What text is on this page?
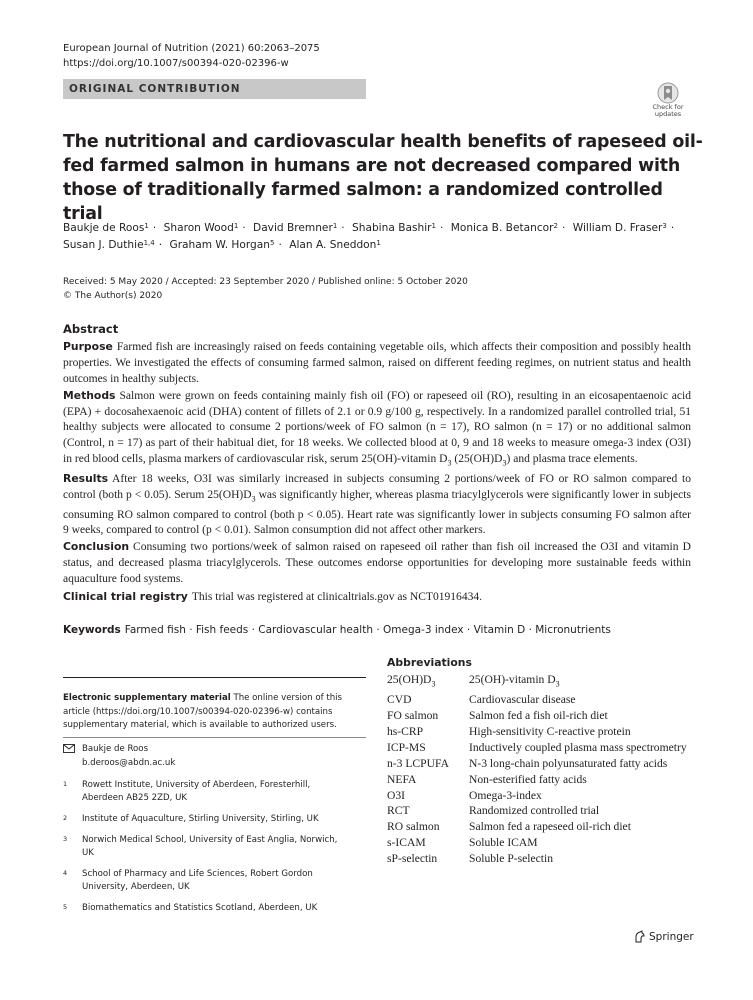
European Journal of Nutrition (2021) 60:2063–2075
https://doi.org/10.1007/s00394-020-02396-w
ORIGINAL CONTRIBUTION
Check for
updates
The nutritional and cardiovascular health benefits of rapeseed oil-fed farmed salmon in humans are not decreased compared with those of traditionally farmed salmon: a randomized controlled trial
Baukje de Roos$^1$ · Sharon Wood$^1$ · David Bremner$^1$ · Shabina Bashir$^1$ · Monica B. Betancor$^2$ · William D. Fraser$^3$ ·
Susan J. Duthie$^{1,4}$ · Graham W. Horgan$^5$ · Alan A. Sneddon$^1$
Received: 5 May 2020 / Accepted: 23 September 2020 / Published online: 5 October 2020
© The Author(s) 2020
Abstract

Purpose Farmed fish are increasingly raised on feeds containing vegetable oils, which affects their composition and possibly health properties. We investigated the effects of consuming farmed salmon, raised on different feeding regimes, on nutrient status and health outcomes in healthy subjects.

Methods Salmon were grown on feeds containing mainly fish oil (FO) or rapeseed oil (RO), resulting in an eicosapentaenoic acid (EPA) + docosahexaenoic acid (DHA) content of fillets of 2.1 or 0.9 g/100 g, respectively. In a randomized parallel controlled trial, 51 healthy subjects were allocated to consume 2 portions/week of FO salmon (n = 17), RO salmon (n = 17) or no additional salmon (Control, n = 17) as part of their habitual diet, for 18 weeks. We collected blood at 0, 9 and 18 weeks to measure omega-3 index (O3I) in red blood cells, plasma markers of cardiovascular risk, serum 25(OH)-vitamin $D_3$ $(25(OH)D_3)$ and plasma trace elements.

Results After 18 weeks, O3I was similarly increased in subjects consuming 2 portions/week of FO or RO salmon compared to control (both p < 0.05). Serum $25(OH)D_3$ was significantly higher, whereas plasma triacylglycerols were significantly lower in subjects consuming RO salmon compared to control (both p < 0.05). Heart rate was significantly lower in subjects consuming FO salmon after 9 weeks, compared to control (p < 0.01). Salmon consumption did not affect other markers.

Conclusion Consuming two portions/week of salmon raised on rapeseed oil rather than fish oil increased the O3I and vitamin D status, and decreased plasma triacylglycerols. These outcomes endorse opportunities for developing more sustainable feeds within aquaculture food systems.

Clinical trial registry This trial was registered at clinicaltrials.gov as NCT01916434.

Keywords Farmed fish · Fish feeds · Cardiovascular health · Omega-3 index · Vitamin D · Micronutrients
Electronic supplementary material The online version of this article (https://doi.org/10.1007/s00394-020-02396-w) contains supplementary material, which is available to authorized users.
Baukje de Roos
b.deroos@abdn.ac.uk
1 Rowett Institute, University of Aberdeen, Foresterhill, Aberdeen AB25 2ZD, UK
2 Institute of Aquaculture, Stirling University, Stirling, UK
3 Norwich Medical School, University of East Anglia, Norwich, UK
4 School of Pharmacy and Life Sciences, Robert Gordon University, Aberdeen, UK
5 Biomathematics and Statistics Scotland, Aberdeen, UK
Abbreviations
$25(OH)D_3$	25(OH)-vitamin $D_3$
CVD	Cardiovascular disease
FO salmon	Salmon fed a fish oil-rich diet
hs-CRP	High-sensitivity C-reactive protein
ICP-MS	Inductively coupled plasma mass spectrometry
n-3 LCPUFA	N-3 long-chain polyunsaturated fatty acids
NEFA	Non-esterified fatty acids
O3I	Omega-3-index
RCT	Randomized controlled trial
RO salmon	Salmon fed a rapeseed oil-rich diet
s-ICAM	Soluble ICAM
sP-selectin	Soluble P-selectin
Springer
